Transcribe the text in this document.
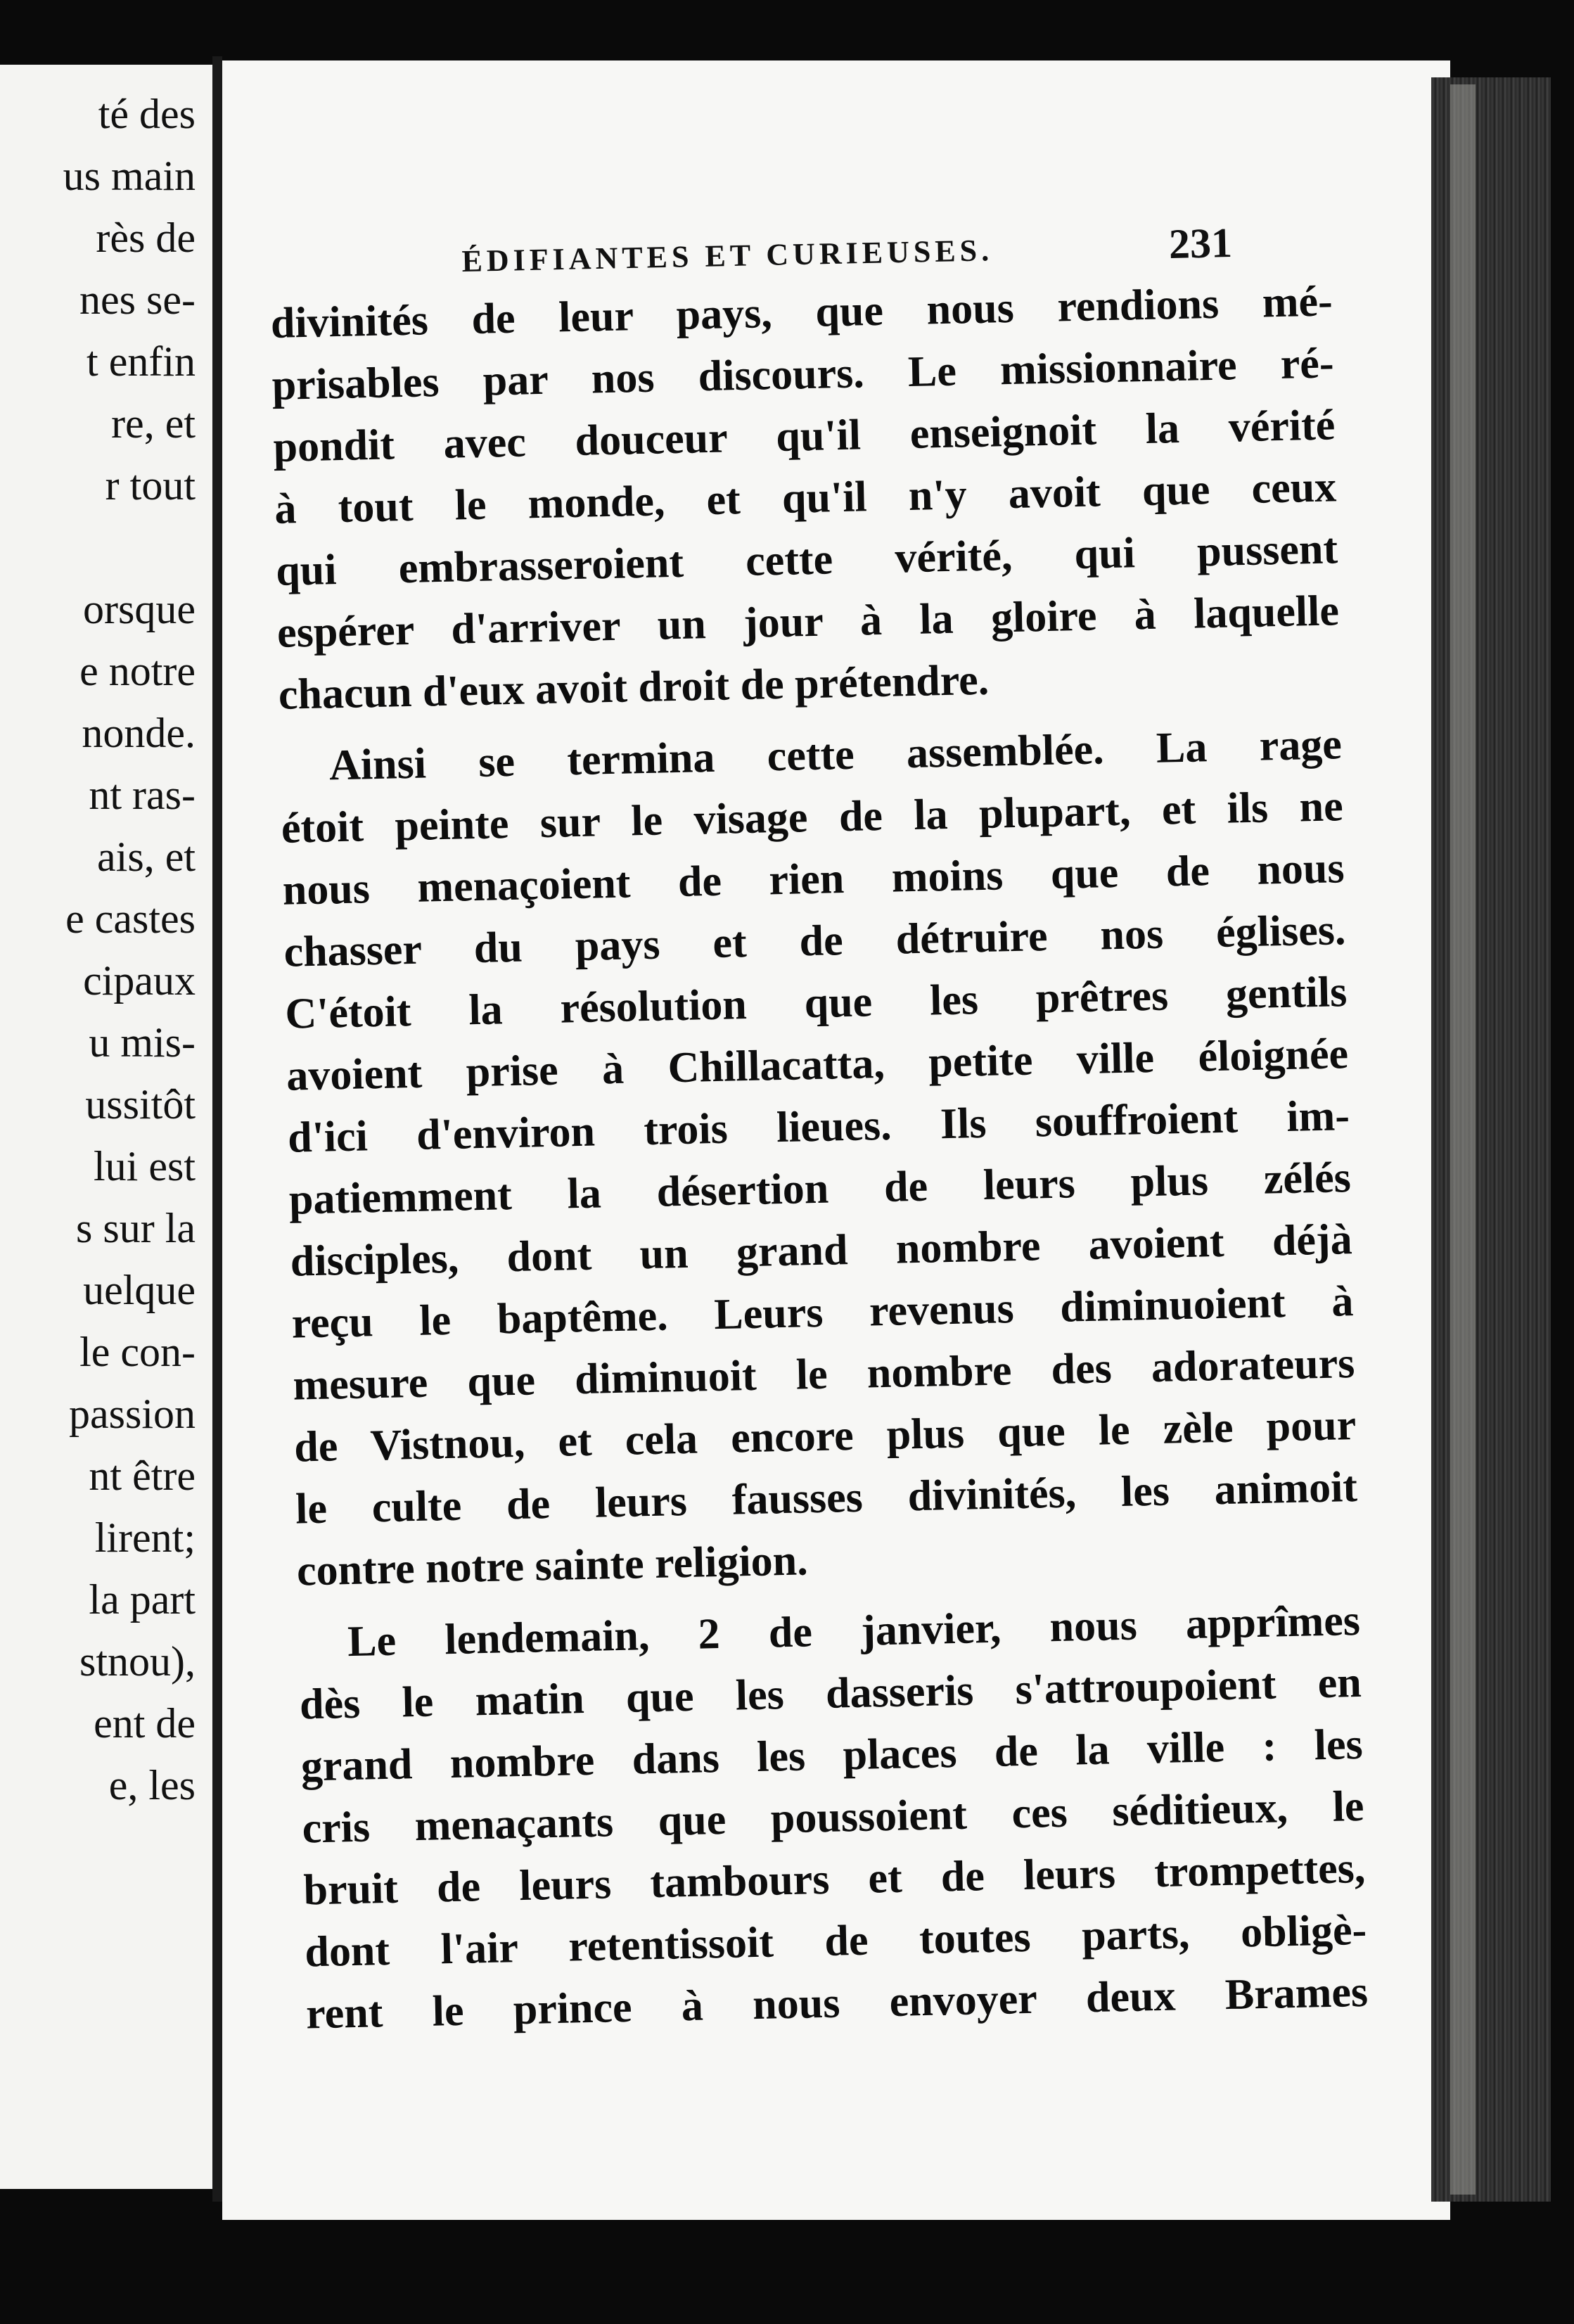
té des
us main
rès de
nes se-
t enfin
re, et
r tout
orsque
e notre
nonde.
nt ras-
ais, et
e castes
cipaux
u mis-
ussitôt
lui est
s sur la
uelque
le con-
passion
nt être
lirent;
la part
stnou),
ent de
e, les
ÉDIFIANTES ET CURIEUSES.	231
divinités de leur pays, que nous rendions mé-
prisables par nos discours. Le missionnaire ré-
pondit avec douceur qu'il enseignoit la vérité
à tout le monde, et qu'il n'y avoit que ceux
qui embrasseroient cette vérité, qui pussent
espérer d'arriver un jour à la gloire à laquelle
chacun d'eux avoit droit de prétendre.
Ainsi se termina cette assemblée. La rage
étoit peinte sur le visage de la plupart, et ils ne
nous menaçoient de rien moins que de nous
chasser du pays et de détruire nos églises.
C'étoit la résolution que les prêtres gentils
avoient prise à Chillacatta, petite ville éloignée
d'ici d'environ trois lieues. Ils souffroient im-
patiemment la désertion de leurs plus zélés
disciples, dont un grand nombre avoient déjà
reçu le baptême. Leurs revenus diminuoient à
mesure que diminuoit le nombre des adorateurs
de Vistnou, et cela encore plus que le zèle pour
le culte de leurs fausses divinités, les animoit
contre notre sainte religion.
Le lendemain, 2 de janvier, nous apprîmes
dès le matin que les dasseris s'attroupoient en
grand nombre dans les places de la ville : les
cris menaçants que poussoient ces séditieux, le
bruit de leurs tambours et de leurs trompettes,
dont l'air retentissoit de toutes parts, obligè-
rent le prince à nous envoyer deux Brames
